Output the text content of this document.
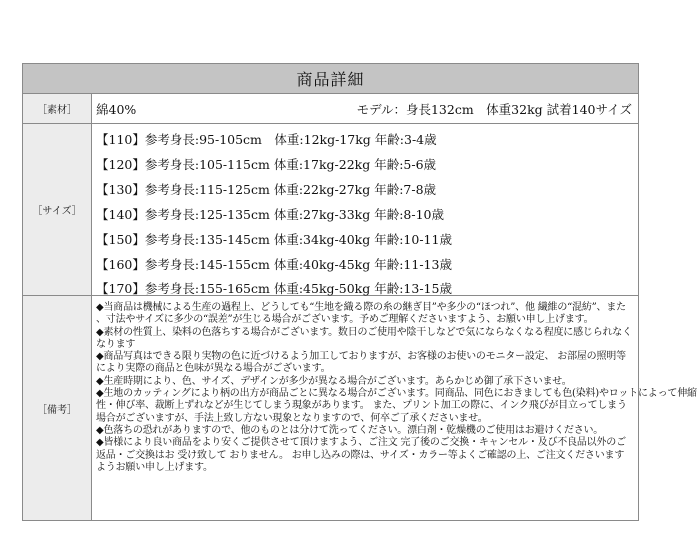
商品詳細
［素材］	綿40%	モデル：身長132cm　体重32kg 試着140サイズ
［サイズ］
【110】参考身長:95-105cm　体重:12kg-17kg 年齢:3-4歳
【120】参考身長:105-115cm 体重:17kg-22kg 年齢:5-6歳
【130】参考身長:115-125cm 体重:22kg-27kg 年齢:7-8歳
【140】参考身長:125-135cm 体重:27kg-33kg 年齢:8-10歳
【150】参考身長:135-145cm 体重:34kg-40kg 年齢:10-11歳
【160】参考身長:145-155cm 体重:40kg-45kg 年齢:11-13歳
【170】参考身長:155-165cm 体重:45kg-50kg 年齢:13-15歳
［備考］
◆当商品は機械による生産の過程上、どうしても“生地を織る際の糸の継ぎ目”や多少の“ほつれ”、他 繊維の“混紡”、また
、寸法やサイズに多少の“誤差”が生じる場合がございます。予めご理解くださいますよう、お願い申し上げます。
◆素材の性質上、染料の色落ちする場合がございます。数日のご使用や陰干しなどで気にならなくなる程度に感じられなく
なります
◆商品写真はできる限り実物の色に近づけるよう加工しておりますが、お客様のお使いのモニター設定、 お部屋の照明等
により実際の商品と色味が異なる場合がございます。
◆生産時期により、色、サイズ、デザインが多少が異なる場合がございます。あらかじめ御了承下さいませ。
◆生地のカッティングにより柄の出方が商品ごとに異なる場合がございます。同商品、同色におきましても色(染料)やロットによって伸縮
性・伸び率、裁断上ずれなどが生じてしまう現象があります。 また、プリント加工の際に、インク飛びが目立ってしまう
場合がございますが、手法上致し方ない現象となりますので、何卒ご了承くださいませ。
◆色落ちの恐れがありますので、他のものとは分けて洗ってください。漂白剤・乾燥機のご使用はお避けください。
◆皆様により良い商品をより安くご提供させて頂けますよう、ご注文 完了後のご交換・キャンセル・及び不良品以外のご
返品・ご交換はお 受け致して おりません。 お申し込みの際は、サイズ・カラー等よくご確認の上、ご注文くださいます
ようお願い申し上げます。
